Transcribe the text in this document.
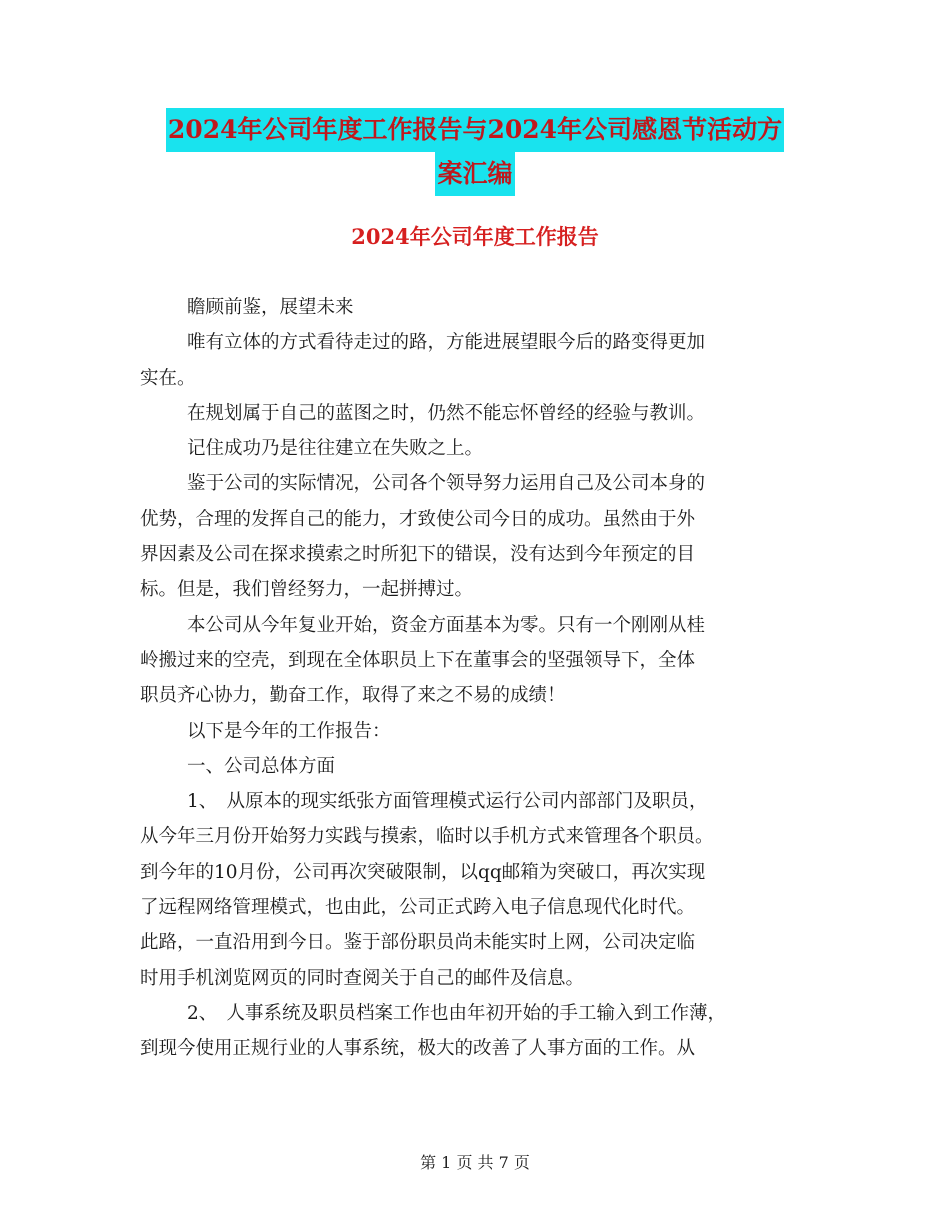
2024年公司年度工作报告与2024年公司感恩节活动方
案汇编
2024年公司年度工作报告

瞻顾前鉴，展望未来

唯有立体的方式看待走过的路，方能进展望眼今后的路变得更加

实在。

在规划属于自己的蓝图之时，仍然不能忘怀曾经的经验与教训。

记住成功乃是往往建立在失败之上。

鉴于公司的实际情况，公司各个领导努力运用自己及公司本身的

优势，合理的发挥自己的能力，才致使公司今日的成功。虽然由于外

界因素及公司在探求摸索之时所犯下的错误，没有达到今年预定的目

标。但是，我们曾经努力，一起拼搏过。

本公司从今年复业开始，资金方面基本为零。只有一个刚刚从桂

岭搬过来的空壳，到现在全体职员上下在董事会的坚强领导下，全体

职员齐心协力，勤奋工作，取得了来之不易的成绩！

以下是今年的工作报告：

一、公司总体方面

1、　从原本的现实纸张方面管理模式运行公司内部部门及职员，

从今年三月份开始努力实践与摸索，临时以手机方式来管理各个职员。

到今年的10月份，公司再次突破限制，以qq邮箱为突破口，再次实现

了远程网络管理模式，也由此，公司正式跨入电子信息现代化时代。

此路，一直沿用到今日。鉴于部份职员尚未能实时上网，公司决定临

时用手机浏览网页的同时查阅关于自己的邮件及信息。

2、　人事系统及职员档案工作也由年初开始的手工输入到工作薄，

到现今使用正规行业的人事系统，极大的改善了人事方面的工作。从

第 1 页 共 7 页
